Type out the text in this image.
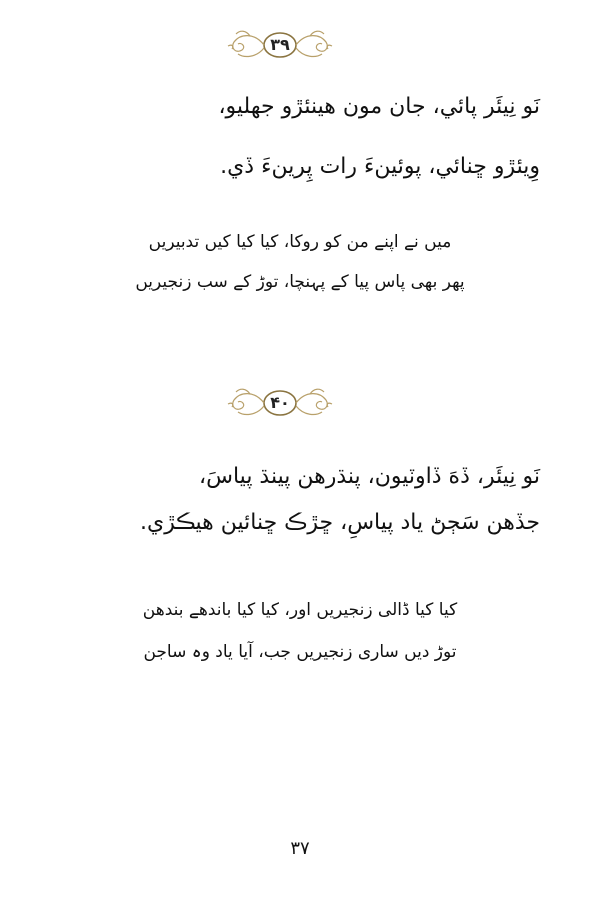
۳۹
نَو نِيئَر پائي، جان مون هينئڙو جهليو،
وِيئڙو ڇنائي، پوئينءَ رات پِرينءَ ڏي.
میں نے اپنے من کو روکا، کیا کیا کیں تدبیریں
پھر بھی پاس پیا کے پہنچا، توڑ کے سب زنجیریں
۴۰
نَو نِيئَر، ڏهَ ڏاوٽيون، پنڌرهن پينڌ پياسَ،
جڏهن سَڄڻ ياد پياسِ، ڇڙڪ ڇنائين هيڪڙي.
کیا کیا ڈالی زنجیریں اور، کیا کیا باندھے بندھن
توڑ دیں ساری زنجیریں جب، آیا یاد وہ ساجن
۳۷
